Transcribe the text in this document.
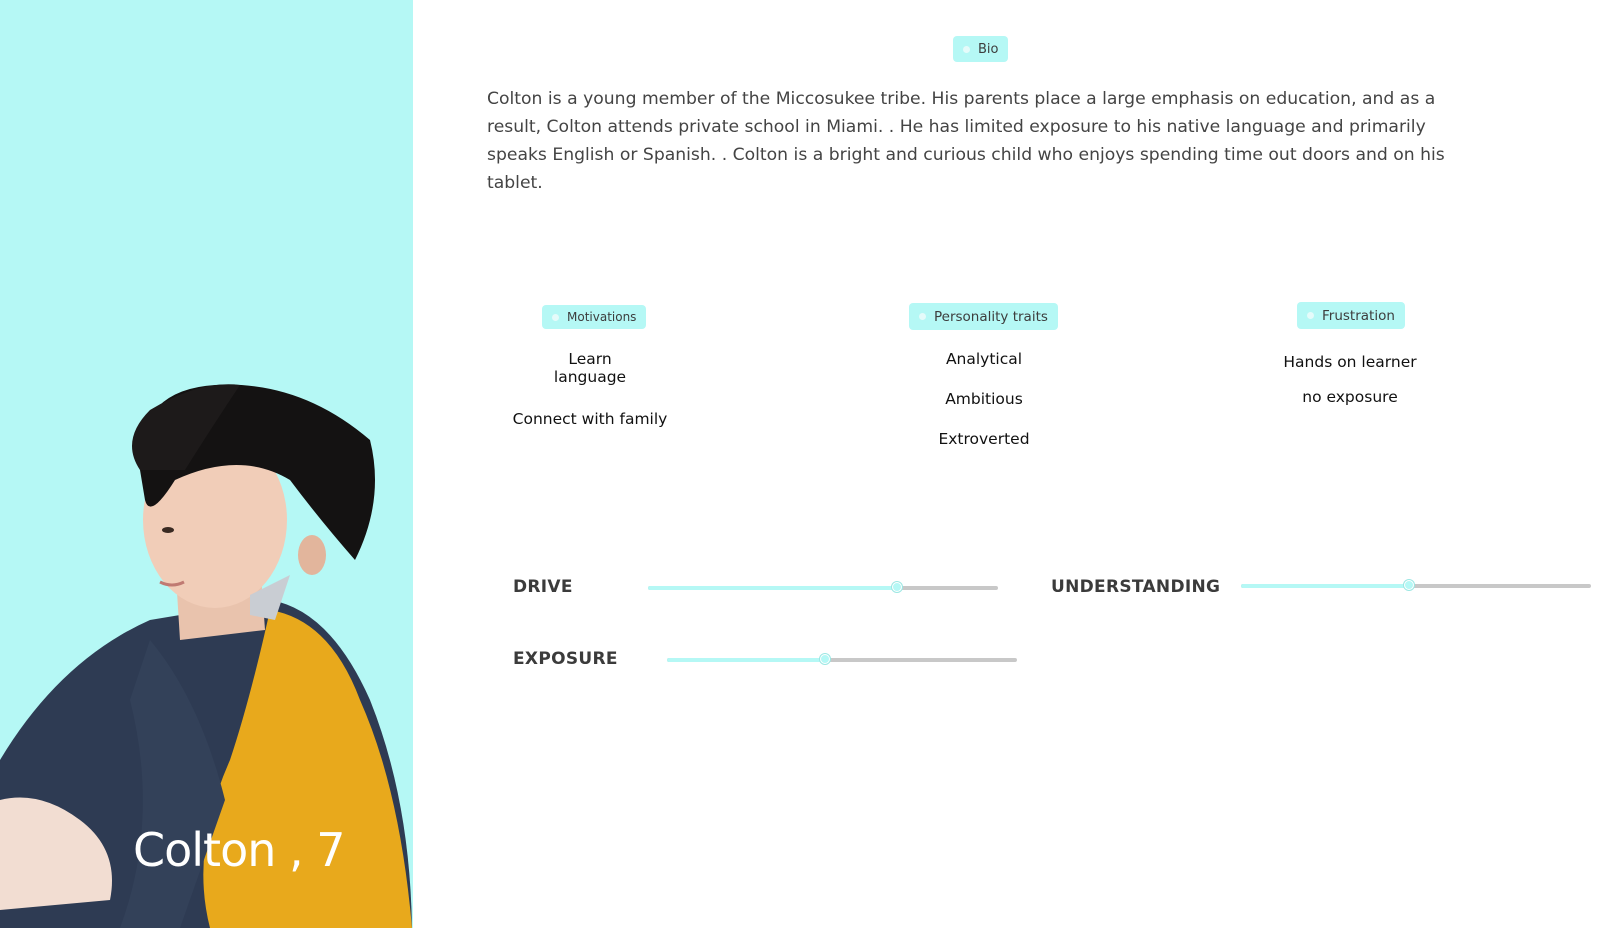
Colton , 7
Bio
Colton is a young member of the Miccosukee tribe. His parents place a large emphasis on education, and as a result, Colton attends private school in Miami. . He has limited exposure to his native language and primarily speaks English or Spanish. . Colton is a bright and curious child who enjoys spending time out doors and on his tablet.
Motivations
Learn language
Connect with family
Personality traits
Analytical
Ambitious
Extroverted
Frustration
Hands on learner
no exposure
DRIVE	UNDERSTANDING
EXPOSURE
